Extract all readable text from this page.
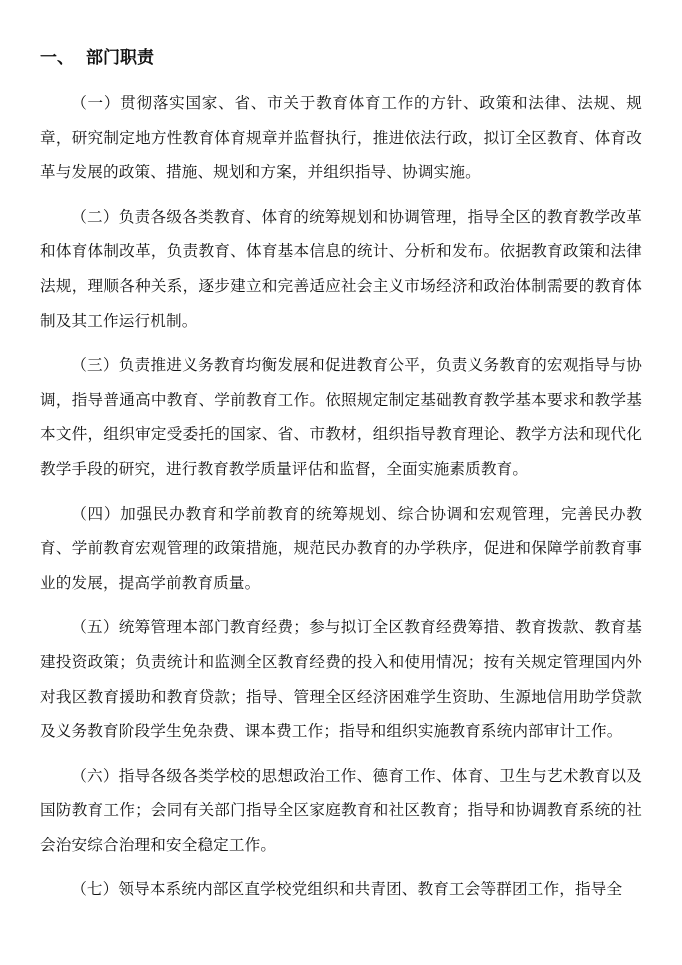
一、 部门职责

（一）贯彻落实国家、省、市关于教育体育工作的方针、政策和法律、法规、规章，研究制定地方性教育体育规章并监督执行，推进依法行政，拟订全区教育、体育改革与发展的政策、措施、规划和方案，并组织指导、协调实施。

（二）负责各级各类教育、体育的统筹规划和协调管理，指导全区的教育教学改革和体育体制改革，负责教育、体育基本信息的统计、分析和发布。依据教育政策和法律法规，理顺各种关系，逐步建立和完善适应社会主义市场经济和政治体制需要的教育体制及其工作运行机制。

（三）负责推进义务教育均衡发展和促进教育公平，负责义务教育的宏观指导与协调，指导普通高中教育、学前教育工作。依照规定制定基础教育教学基本要求和教学基本文件，组织审定受委托的国家、省、市教材，组织指导教育理论、教学方法和现代化教学手段的研究，进行教育教学质量评估和监督，全面实施素质教育。

（四）加强民办教育和学前教育的统筹规划、综合协调和宏观管理，完善民办教育、学前教育宏观管理的政策措施，规范民办教育的办学秩序，促进和保障学前教育事业的发展，提高学前教育质量。

（五）统筹管理本部门教育经费；参与拟订全区教育经费筹措、教育拨款、教育基建投资政策；负责统计和监测全区教育经费的投入和使用情况；按有关规定管理国内外对我区教育援助和教育贷款；指导、管理全区经济困难学生资助、生源地信用助学贷款及义务教育阶段学生免杂费、课本费工作；指导和组织实施教育系统内部审计工作。

（六）指导各级各类学校的思想政治工作、德育工作、体育、卫生与艺术教育以及国防教育工作；会同有关部门指导全区家庭教育和社区教育；指导和协调教育系统的社会治安综合治理和安全稳定工作。

（七）领导本系统内部区直学校党组织和共青团、教育工会等群团工作，指导全
